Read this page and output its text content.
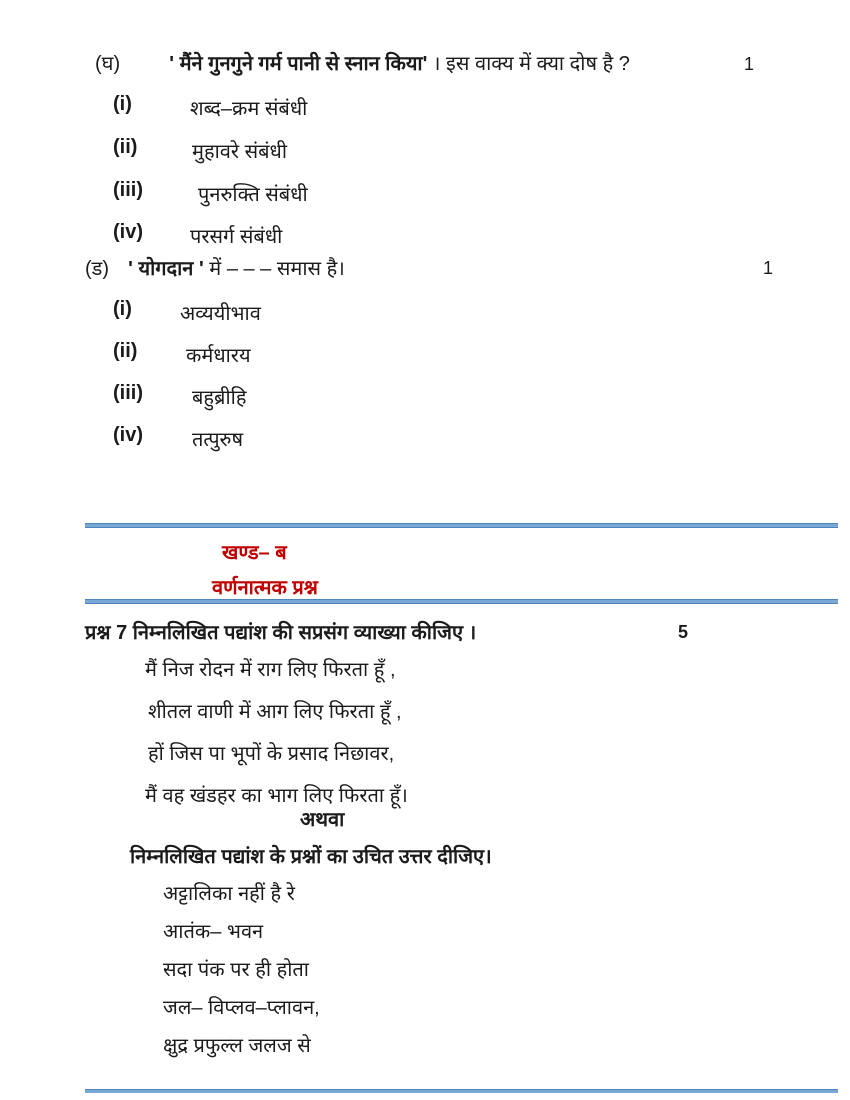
(घ) ' मैंने गुनगुने गर्म पानी से स्नान किया' । इस वाक्य में क्या दोष है ?	1
(i)	शब्द–क्रम संबंधी
(ii)	मुहावरे संबंधी
(iii)	पुनरुक्ति संबंधी
(iv) परसर्ग संबंधी
(ड) ' योगदान ' में – – – समास है।	1
(i) अव्ययीभाव
(ii) कर्मधारय
(iii) बहुब्रीहि
(iv) तत्पुरुष
खण्ड– ब
वर्णनात्मक प्रश्न
प्रश्न 7 निम्नलिखित पद्यांश की सप्रसंग व्याख्या कीजिए ।	5
मैं निज रोदन में राग लिए फिरता हूँ ,
शीतल वाणी में आग लिए फिरता हूँ ,
हों जिस पा भूपों के प्रसाद निछावर,
मैं वह खंडहर का भाग लिए फिरता हूँ।
अथवा
निम्नलिखित पद्यांश के प्रश्नों का उचित उत्तर दीजिए।
अट्टालिका नहीं है रे
आतंक– भवन
सदा पंक पर ही होता
जल– विप्लव–प्लावन,
क्षुद्र प्रफुल्ल जलज से
